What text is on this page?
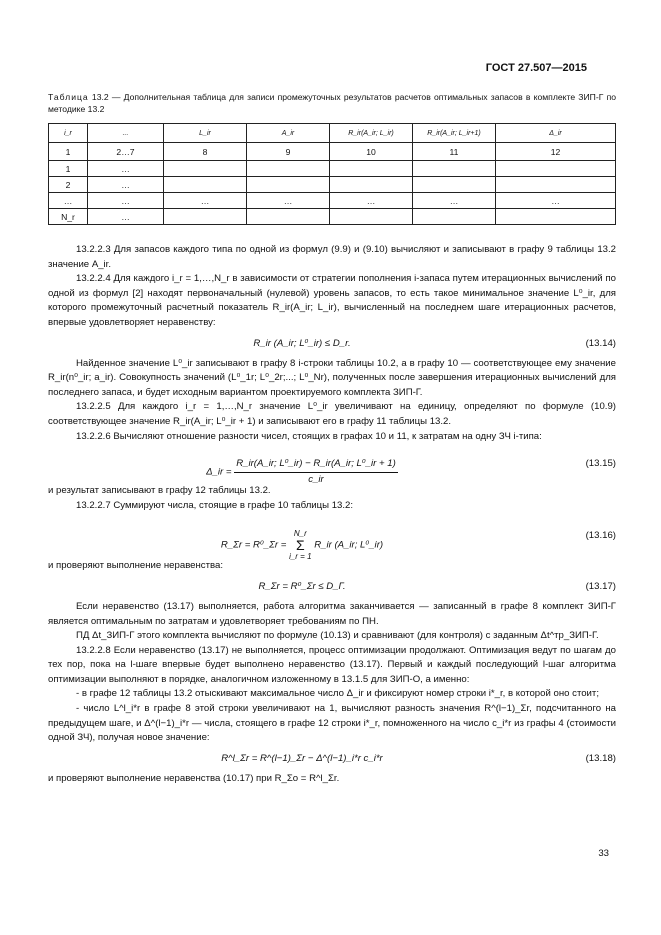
ГОСТ 27.507—2015
Таблица 13.2 — Дополнительная таблица для записи промежуточных результатов расчетов оптимальных запасов в комплекте ЗИП-Г по методике 13.2
i_r	...	L_ir	A_ir	R_ir(A_ir; L_ir)	R_ir(A_ir; L_ir+1)	Δ_ir
1	2…7	8	9	10	11	12
1	…					
2	…					
…	…	…	…	…	…	…
N_r	…					

13.2.2.3 Для запасов каждого типа по одной из формул (9.9) и (9.10) вычисляют и записывают в графу 9 таблицы 13.2 значение A_ir.

13.2.2.4 Для каждого i_r = 1,…,N_r в зависимости от стратегии пополнения i-запаса путем итерационных вычислений по одной из формул [2] находят первоначальный (нулевой) уровень запасов, то есть такое минимальное значение L⁰_ir, для которого промежуточный расчетный показатель R_ir(A_ir; L_ir), вычисленный на последнем шаге итерационных расчетов, впервые удовлетворяет неравенству:

R_ir (A_ir; L⁰_ir) ≤ D_r.	(13.14)

Найденное значение L⁰_ir записывают в графу 8 i-строки таблицы 10.2, а в графу 10 — соответствующее ему значение R_ir(n⁰_ir; a_ir). Совокупность значений (L⁰_1r; L⁰_2r;...; L⁰_Nr), полученных после завершения итерационных вычислений для последнего запаса, и будет исходным вариантом проектируемого комплекта ЗИП-Г.

13.2.2.5 Для каждого i_r = 1,…,N_r значение L⁰_ir увеличивают на единицу, определяют по формуле (10.9) соответствующее значение R_ir(A_ir; L⁰_ir + 1) и записывают его в графу 11 таблицы 13.2.

13.2.2.6 Вычисляют отношение разности чисел, стоящих в графах 10 и 11, к затратам на одну ЗЧ i-типа:

Δ_ir = $\frac{\text{R\_ir(A\_ir; L⁰\_ir) − R\_ir(A\_ir; L⁰\_ir + 1)}}{c\_ir}$	(13.15)

и результат записывают в графу 12 таблицы 13.2.

13.2.2.7 Суммируют числа, стоящие в графе 10 таблицы 13.2:

R_Σr = R⁰_Σr =
N_r
Σ
i_r = 1
R_ir (A_ir; L⁰_ir)
(13.16)

и проверяют выполнение неравенства:

R_Σr = R⁰_Σr ≤ D_Г.	(13.17)

Если неравенство (13.17) выполняется, работа алгоритма заканчивается — записанный в графе 8 комплект ЗИП-Г является оптимальным по затратам и удовлетворяет требованиям по ПН.

ПД Δt_ЗИП-Г этого комплекта вычисляют по формуле (10.13) и сравнивают (для контроля) с заданным Δt^тр_ЗИП-Г.

13.2.2.8 Если неравенство (13.17) не выполняется, процесс оптимизации продолжают. Оптимизация ведут по шагам до тех пор, пока на l-шаге впервые будет выполнено неравенство (13.17). Первый и каждый последующий l-шаг алгоритма оптимизации выполняют в порядке, аналогичном изложенному в 13.1.5 для ЗИП-О, а именно:

- в графе 12 таблицы 13.2 отыскивают максимальное число Δ_ir и фиксируют номер строки i*_r, в которой оно стоит;

- число L^l_i*r в графе 8 этой строки увеличивают на 1, вычисляют разность значения R^(l−1)_Σr, подсчитанного на предыдущем шаге, и Δ^(l−1)_i*r — числа, стоящего в графе 12 строки i*_r, помноженного на число c_i*r из графы 4 (стоимости одной ЗЧ), получая новое значение:

R^l_Σr = R^(l−1)_Σr − Δ^(l−1)_i*r c_i*r	(13.18)

и проверяют выполнение неравенства (10.17) при R_Σo = R^l_Σr.

33
